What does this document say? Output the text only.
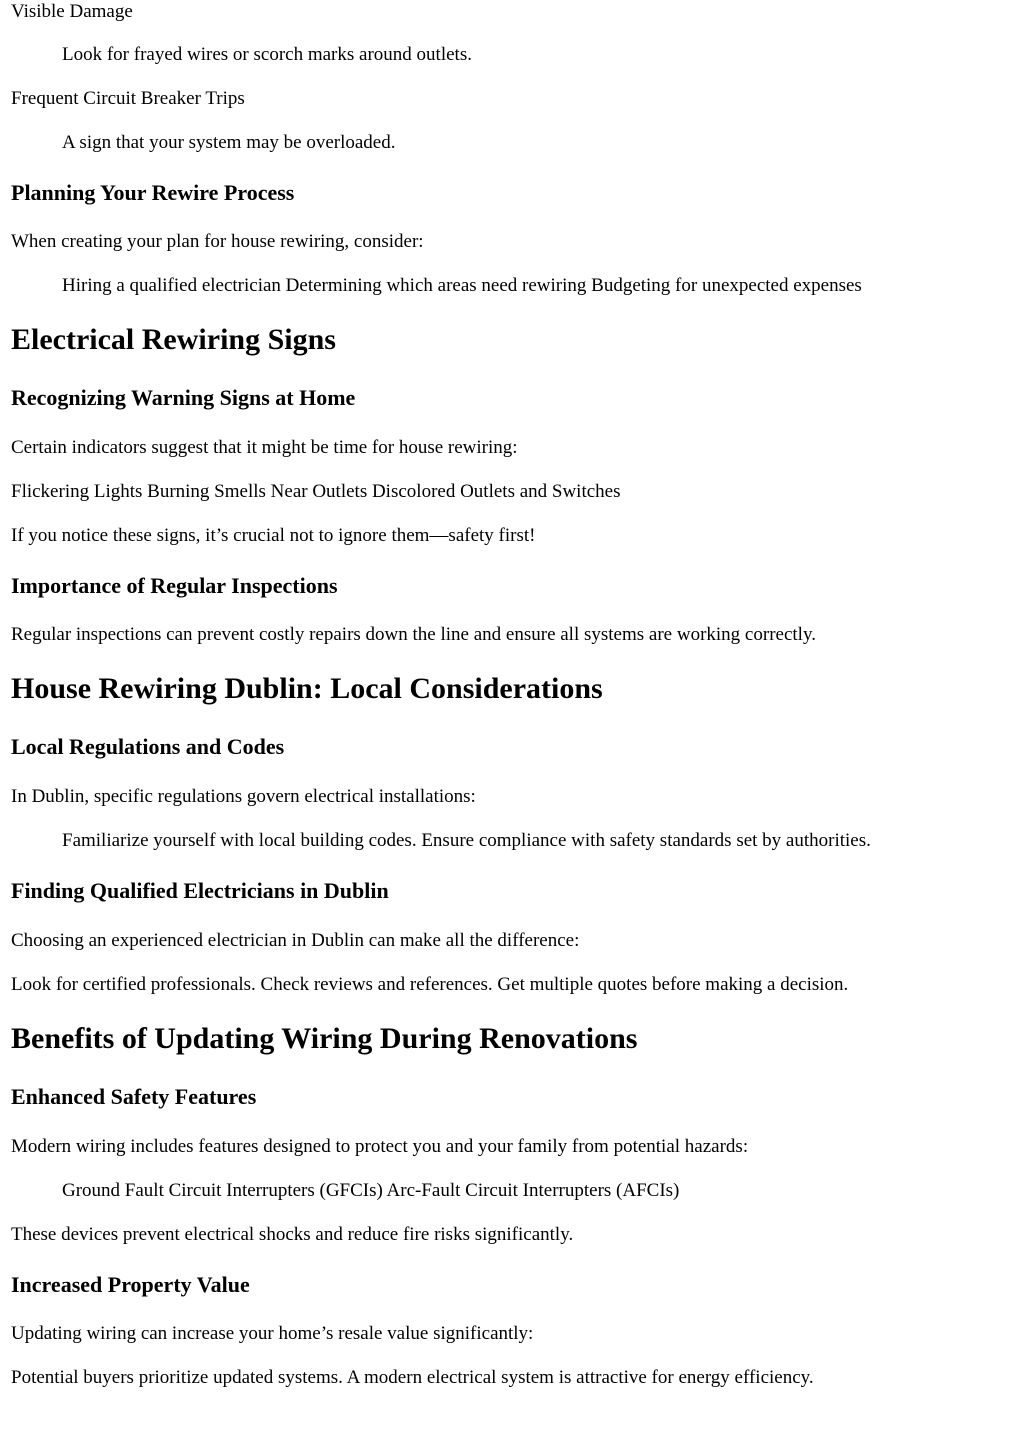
Visible Damage
Look for frayed wires or scorch marks around outlets.
Frequent Circuit Breaker Trips
A sign that your system may be overloaded.
Planning Your Rewire Process
When creating your plan for house rewiring, consider:
Hiring a qualified electrician Determining which areas need rewiring Budgeting for unexpected expenses
Electrical Rewiring Signs
Recognizing Warning Signs at Home
Certain indicators suggest that it might be time for house rewiring:
Flickering Lights Burning Smells Near Outlets Discolored Outlets and Switches
If you notice these signs, it’s crucial not to ignore them—safety first!
Importance of Regular Inspections
Regular inspections can prevent costly repairs down the line and ensure all systems are working correctly.
House Rewiring Dublin: Local Considerations
Local Regulations and Codes
In Dublin, specific regulations govern electrical installations:
Familiarize yourself with local building codes. Ensure compliance with safety standards set by authorities.
Finding Qualified Electricians in Dublin
Choosing an experienced electrician in Dublin can make all the difference:
Look for certified professionals. Check reviews and references. Get multiple quotes before making a decision.
Benefits of Updating Wiring During Renovations
Enhanced Safety Features
Modern wiring includes features designed to protect you and your family from potential hazards:
Ground Fault Circuit Interrupters (GFCIs) Arc-Fault Circuit Interrupters (AFCIs)
These devices prevent electrical shocks and reduce fire risks significantly.
Increased Property Value
Updating wiring can increase your home’s resale value significantly:
Potential buyers prioritize updated systems. A modern electrical system is attractive for energy efficiency.
